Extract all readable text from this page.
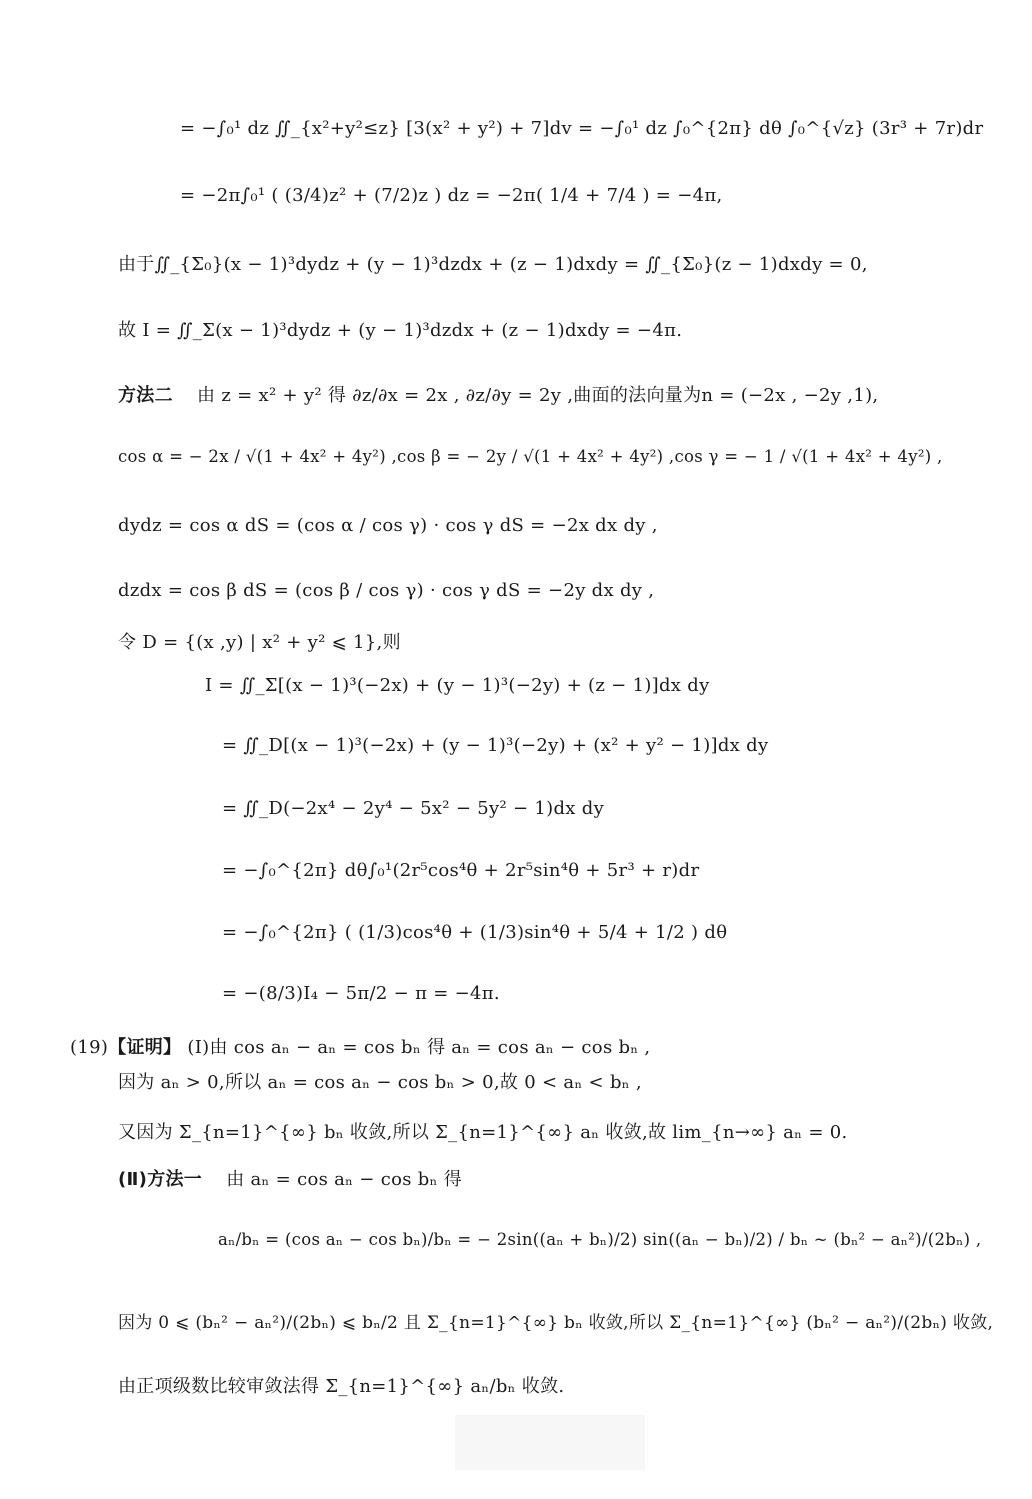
= −∫₀¹ dz ∬_{x²+y²≤z} [3(x² + y²) + 7]dv = −∫₀¹ dz ∫₀^{2π} dθ ∫₀^{√z} (3r³ + 7r)dr
= −2π∫₀¹ ( (3/4)z² + (7/2)z ) dz = −2π( 1/4 + 7/4 ) = −4π,
由于∬_{Σ₀}(x − 1)³dydz + (y − 1)³dzdx + (z − 1)dxdy = ∬_{Σ₀}(z − 1)dxdy = 0,
故 I = ∬_Σ(x − 1)³dydz + (y − 1)³dzdx + (z − 1)dxdy = −4π.
方法二 由 z = x² + y² 得 ∂z/∂x = 2x , ∂z/∂y = 2y ,曲面的法向量为n = (−2x , −2y ,1),
cos α = − 2x / √(1 + 4x² + 4y²) ,cos β = − 2y / √(1 + 4x² + 4y²) ,cos γ = − 1 / √(1 + 4x² + 4y²) ,
dydz = cos α dS = (cos α / cos γ) · cos γ dS = −2x dx dy ,
dzdx = cos β dS = (cos β / cos γ) · cos γ dS = −2y dx dy ,
令 D = {(x ,y) | x² + y² ⩽ 1},则
I = ∬_Σ[(x − 1)³(−2x) + (y − 1)³(−2y) + (z − 1)]dx dy
= ∬_D[(x − 1)³(−2x) + (y − 1)³(−2y) + (x² + y² − 1)]dx dy
= ∬_D(−2x⁴ − 2y⁴ − 5x² − 5y² − 1)dx dy
= −∫₀^{2π} dθ∫₀¹(2r⁵cos⁴θ + 2r⁵sin⁴θ + 5r³ + r)dr
= −∫₀^{2π} ( (1/3)cos⁴θ + (1/3)sin⁴θ + 5/4 + 1/2 ) dθ
= −(8/3)I₄ − 5π/2 − π = −4π.
(19)【证明】 (Ⅰ)由 cos aₙ − aₙ = cos bₙ 得 aₙ = cos aₙ − cos bₙ ,
因为 aₙ > 0,所以 aₙ = cos aₙ − cos bₙ > 0,故 0 < aₙ < bₙ ,
又因为 Σ_{n=1}^{∞} bₙ 收敛,所以 Σ_{n=1}^{∞} aₙ 收敛,故 lim_{n→∞} aₙ = 0.
(Ⅱ)方法一 由 aₙ = cos aₙ − cos bₙ 得
aₙ/bₙ = (cos aₙ − cos bₙ)/bₙ = − 2sin((aₙ + bₙ)/2) sin((aₙ − bₙ)/2) / bₙ ~ (bₙ² − aₙ²)/(2bₙ) ,
因为 0 ⩽ (bₙ² − aₙ²)/(2bₙ) ⩽ bₙ/2 且 Σ_{n=1}^{∞} bₙ 收敛,所以 Σ_{n=1}^{∞} (bₙ² − aₙ²)/(2bₙ) 收敛,
由正项级数比较审敛法得 Σ_{n=1}^{∞} aₙ/bₙ 收敛.
